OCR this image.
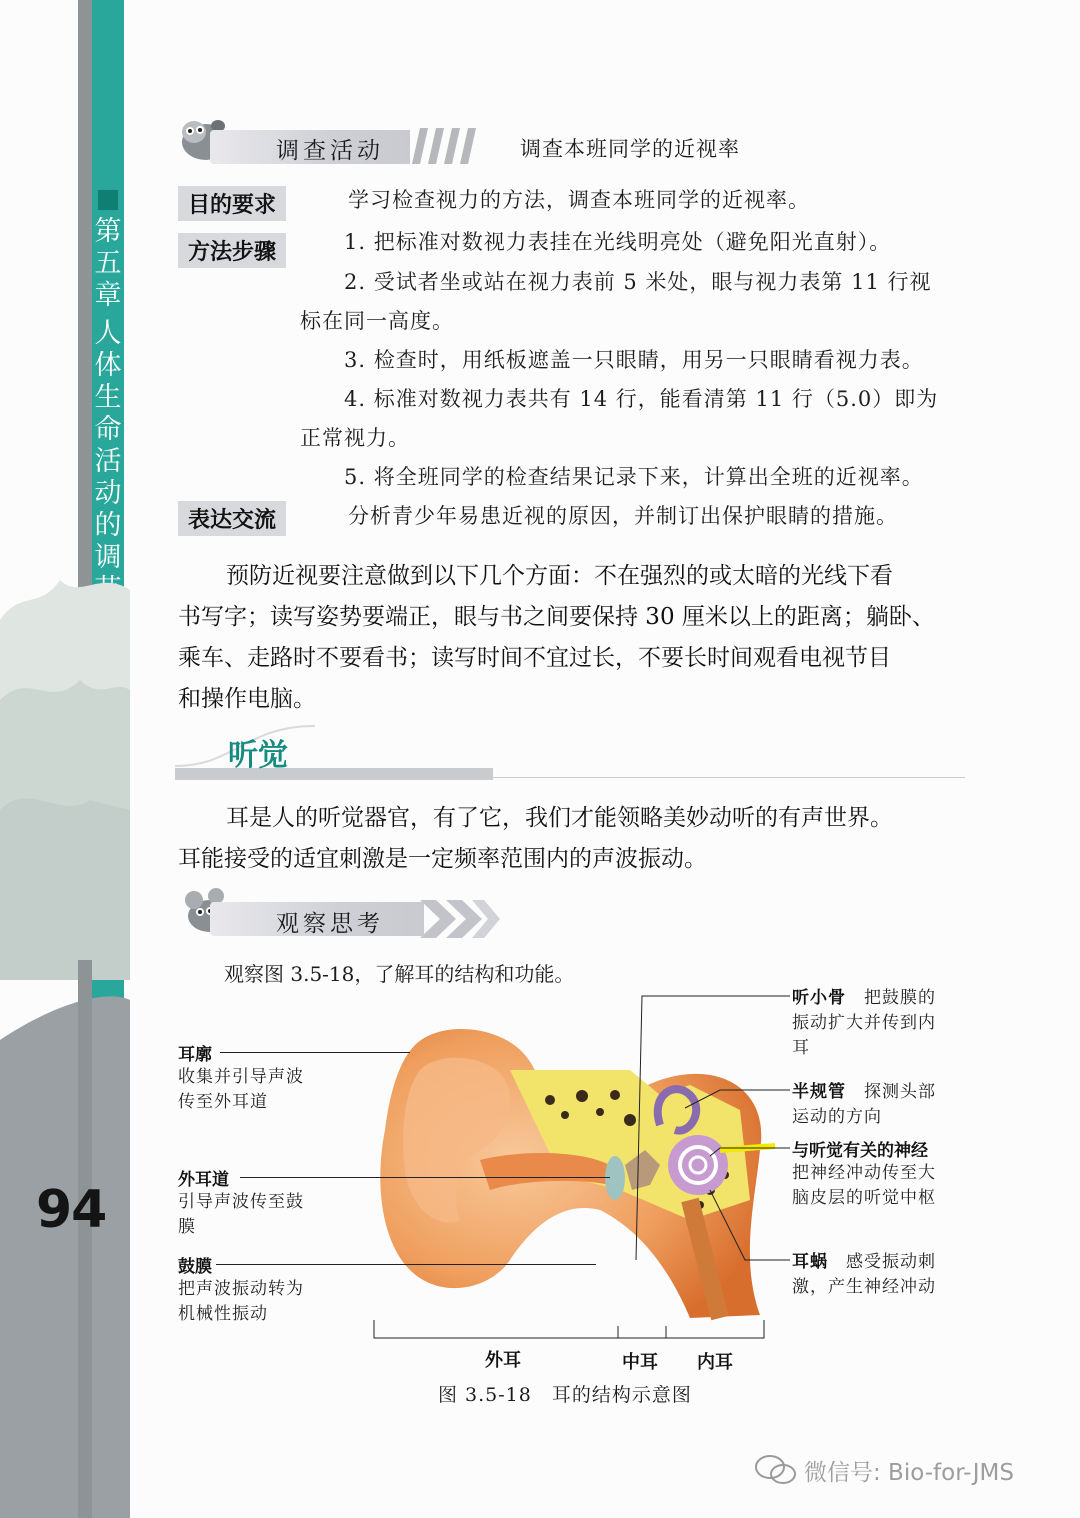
第五章
人体生命活动的调
94
调查活动	调查本班同学的近视率
目的要求	学习检查视力的方法，调查本班同学的近视率。
方法步骤	1. 把标准对数视力表挂在光线明亮处（避免阳光直射）。
2. 受试者坐或站在视力表前 5 米处，眼与视力表第 11 行视
标在同一高度。
3. 检查时，用纸板遮盖一只眼睛，用另一只眼睛看视力表。
4. 标准对数视力表共有 14 行，能看清第 11 行（5.0）即为
正常视力。
5. 将全班同学的检查结果记录下来，计算出全班的近视率。
表达交流	分析青少年易患近视的原因，并制订出保护眼睛的措施。
预防近视要注意做到以下几个方面：不在强烈的或太暗的光线下看
书写字；读写姿势要端正，眼与书之间要保持 30 厘米以上的距离；躺卧、
乘车、走路时不要看书；读写时间不宜过长，不要长时间观看电视节目
和操作电脑。
听觉
耳是人的听觉器官，有了它，我们才能领略美妙动听的有声世界。
耳能接受的适宜刺激是一定频率范围内的声波振动。
观察思考
观察图 3.5-18，了解耳的结构和功能。
耳廓
收集并引导声波
传至外耳道
外耳道
引导声波传至鼓
膜
鼓膜
把声波振动转为
机械性振动
听小骨　 把鼓膜的
振动扩大并传到内
耳
半规管　 探测头部
运动的方向
与听觉有关的神经
把神经冲动传至大
脑皮层的听觉中枢
耳蜗　 感受振动刺
激，产生神经冲动
外耳	中耳 内耳
图 3.5-18　耳的结构示意图
微信号: Bio-for-JMS
